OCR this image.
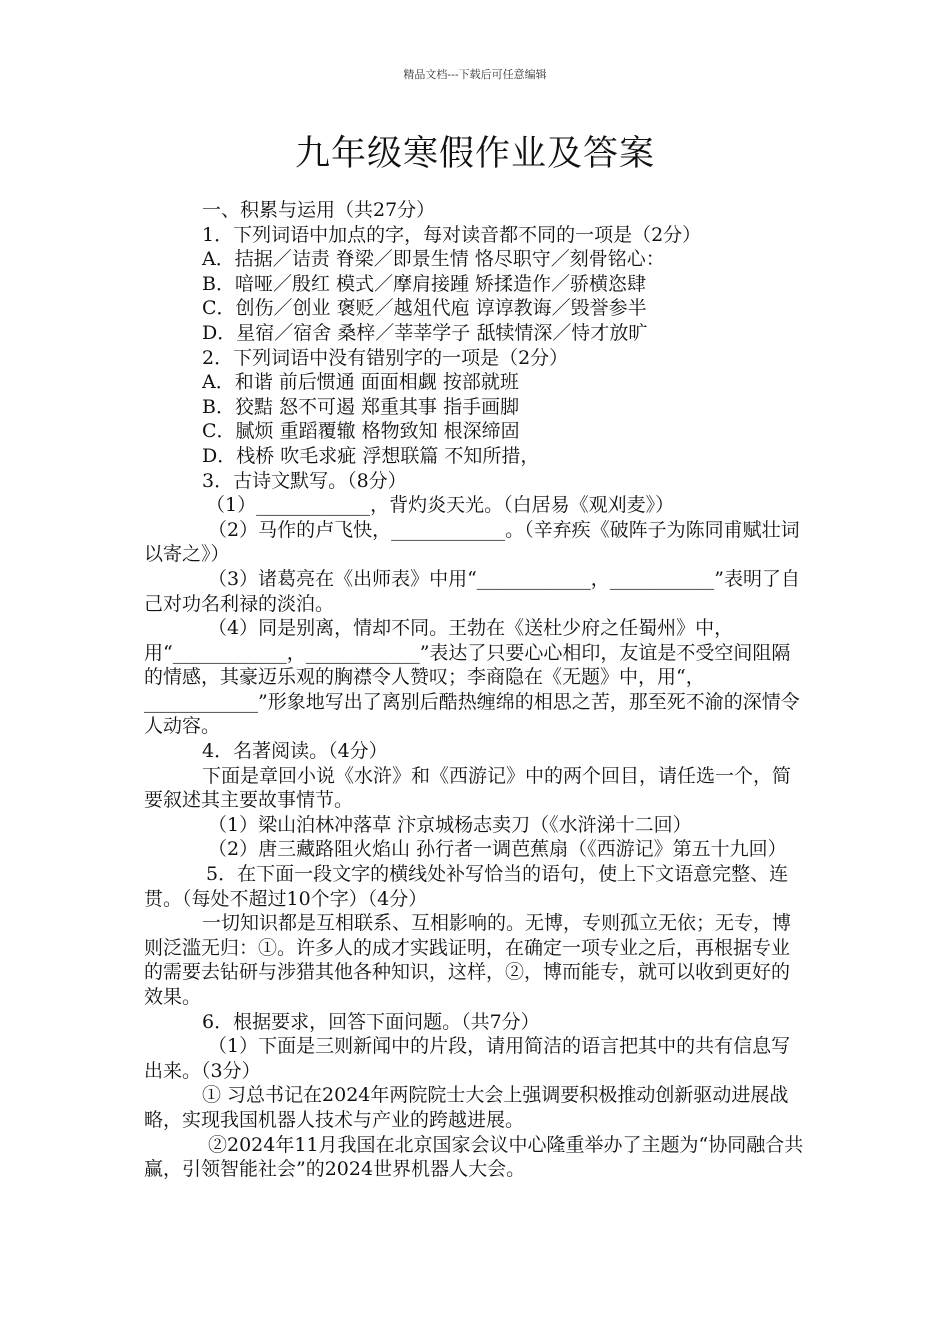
精品文档---下载后可任意编辑
九年级寒假作业及答案
一、积累与运用（共27分）
1．下列词语中加点的字，每对读音都不同的一项是（2分）
A．拮据／诘责 脊梁／即景生情 恪尽职守／刻骨铭心：
B．喑哑／殷红 模式／摩肩接踵 矫揉造作／骄横恣肆
C．创伤／创业 褒贬／越俎代庖 谆谆教诲／毁誉参半
D．星宿／宿舍 桑梓／莘莘学子 舐犊情深／恃才放旷
2．下列词语中没有错别字的一项是（2分）
A．和谐 前后惯通 面面相觑 按部就班
B．狡黠 怒不可遏 郑重其事 指手画脚
C．腻烦 重蹈覆辙 格物致知 根深缔固
D．栈桥 吹毛求疵 浮想联篇 不知所措，
3．古诗文默写。（8分）
（1）____________，背灼炎天光。（白居易《观刈麦》）
（2）马作的卢飞快，____________。（辛弃疾《破阵子为陈同甫赋壮词以寄之》）
（3）诸葛亮在《出师表》中用“____________，___________”表明了自己对功名利禄的淡泊。
（4）同是别离，情却不同。王勃在《送杜少府之任蜀州》中，用“____________，____________”表达了只要心心相印，友谊是不受空间阻隔的情感，其豪迈乐观的胸襟令人赞叹；李商隐在《无题》中，用“，____________”形象地写出了离别后酷热缠绵的相思之苦，那至死不渝的深情令人动容。
4．名著阅读。（4分）
下面是章回小说《水浒》和《西游记》中的两个回目，请任选一个，简要叙述其主要故事情节。
（1）梁山泊林冲落草 汴京城杨志卖刀（《水浒涕十二回）
（2）唐三藏路阻火焰山 孙行者一调芭蕉扇（《西游记》第五十九回）
5．在下面一段文字的横线处补写恰当的语句，使上下文语意完整、连贯。（每处不超过10个字）（4分）
一切知识都是互相联系、互相影响的。无博，专则孤立无依；无专，博则泛滥无归：①。许多人的成才实践证明，在确定一项专业之后，再根据专业的需要去钻研与涉猎其他各种知识，这样，②，博而能专，就可以收到更好的效果。
6．根据要求，回答下面问题。（共7分）
（1）下面是三则新闻中的片段，请用简洁的语言把其中的共有信息写出来。（3分）
① 习总书记在2024年两院院士大会上强调要积极推动创新驱动进展战略，实现我国机器人技术与产业的跨越进展。
②2024年11月我国在北京国家会议中心隆重举办了主题为“协同融合共赢，引领智能社会”的2024世界机器人大会。
